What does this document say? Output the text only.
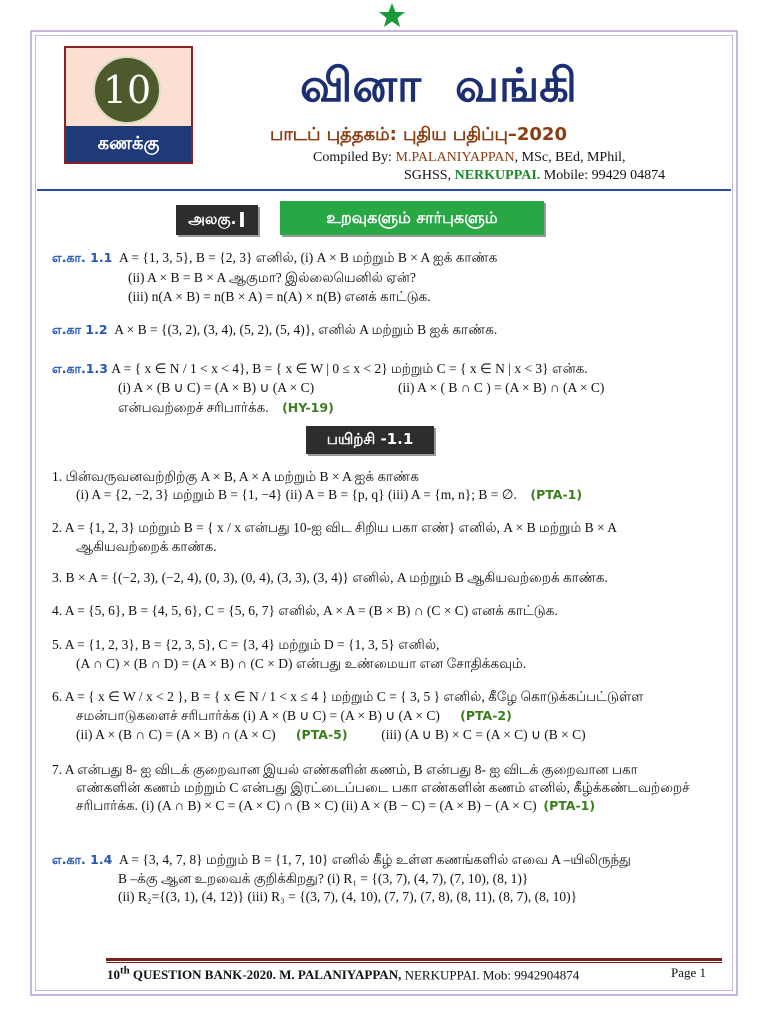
10
கணக்கு
வினா வங்கி
பாடப் புத்தகம்: புதிய பதிப்பு–2020
Compiled By: M.PALANIYAPPAN, MSc, BEd, MPhil,
SGHSS, NERKUPPAI. Mobile: 99429 04874
அலகு. I	உறவுகளும் சார்புகளும்
எ.கா. 1.1 A = {1, 3, 5}, B = {2, 3} எனில், (i) A × B மற்றும் B × A ஐக் காண்க
(ii) A × B = B × A ஆகுமா? இல்லையெனில் ஏன்?
(iii) n(A × B) = n(B × A) = n(A) × n(B) எனக் காட்டுக.
எ.கா 1.2 A × B = {(3, 2), (3, 4), (5, 2), (5, 4)}, எனில் A மற்றும் B ஐக் காண்க.
எ.கா.1.3 A = { x ∈ N / 1 < x < 4}, B = { x ∈ W | 0 ≤ x < 2} மற்றும் C = { x ∈ N | x < 3} என்க.
(i) A × (B ∪ C) = (A × B) ∪ (A × C)	(ii) A × ( B ∩ C ) = (A × B) ∩ (A × C)
என்பவற்றைச் சரிபார்க்க. (HY-19)
பயிற்சி -1.1
1. பின்வருவனவற்றிற்கு A × B, A × A மற்றும் B × A ஐக் காண்க
(i) A = {2, −2, 3} மற்றும் B = {1, −4} (ii) A = B = {p, q} (iii) A = {m, n}; B = ∅. (PTA-1)
2. A = {1, 2, 3} மற்றும் B = { x / x என்பது 10-ஐ விட சிறிய பகா எண்} எனில், A × B மற்றும் B × A
ஆகியவற்றைக் காண்க.
3. B × A = {(−2, 3), (−2, 4), (0, 3), (0, 4), (3, 3), (3, 4)} எனில், A மற்றும் B ஆகியவற்றைக் காண்க.
4. A = {5, 6}, B = {4, 5, 6}, C = {5, 6, 7} எனில், A × A = (B × B) ∩ (C × C) எனக் காட்டுக.
5. A = {1, 2, 3}, B = {2, 3, 5}, C = {3, 4} மற்றும் D = {1, 3, 5} எனில்,
(A ∩ C) × (B ∩ D) = (A × B) ∩ (C × D) என்பது உண்மையா என சோதிக்கவும்.
6. A = { x ∈ W / x < 2 }, B = { x ∈ N / 1 < x ≤ 4 } மற்றும் C = { 3, 5 } எனில், கீழே கொடுக்கப்பட்டுள்ள
சமன்பாடுகளைச் சரிபார்க்க (i) A × (B ∪ C) = (A × B) ∪ (A × C) (PTA-2)
(ii) A × (B ∩ C) = (A × B) ∩ (A × C) (PTA-5)	(iii) (A ∪ B) × C = (A × C) ∪ (B × C)
7. A என்பது 8- ஐ விடக் குறைவான இயல் எண்களின் கணம், B என்பது 8- ஐ விடக் குறைவான பகா
எண்களின் கணம் மற்றும் C என்பது இரட்டைப்படை பகா எண்களின் கணம் எனில், கீழ்க்கண்டவற்றைச்
சரிபார்க்க. (i) (A ∩ B) × C = (A × C) ∩ (B × C) (ii) A × (B − C) = (A × B) − (A × C) (PTA-1)
எ.கா. 1.4 A = {3, 4, 7, 8} மற்றும் B = {1, 7, 10} எனில் கீழ் உள்ள கணங்களில் எவை A –யிலிருந்து
B –க்கு ஆன உறவைக் குறிக்கிறது? (i) R₁ = {(3, 7), (4, 7), (7, 10), (8, 1)}
(ii) R₂={(3, 1), (4, 12)} (iii) R₃ = {(3, 7), (4, 10), (7, 7), (7, 8), (8, 11), (8, 7), (8, 10)}
10th QUESTION BANK-2020. M. PALANIYAPPAN, NERKUPPAI. Mob: 9942904874	Page 1
